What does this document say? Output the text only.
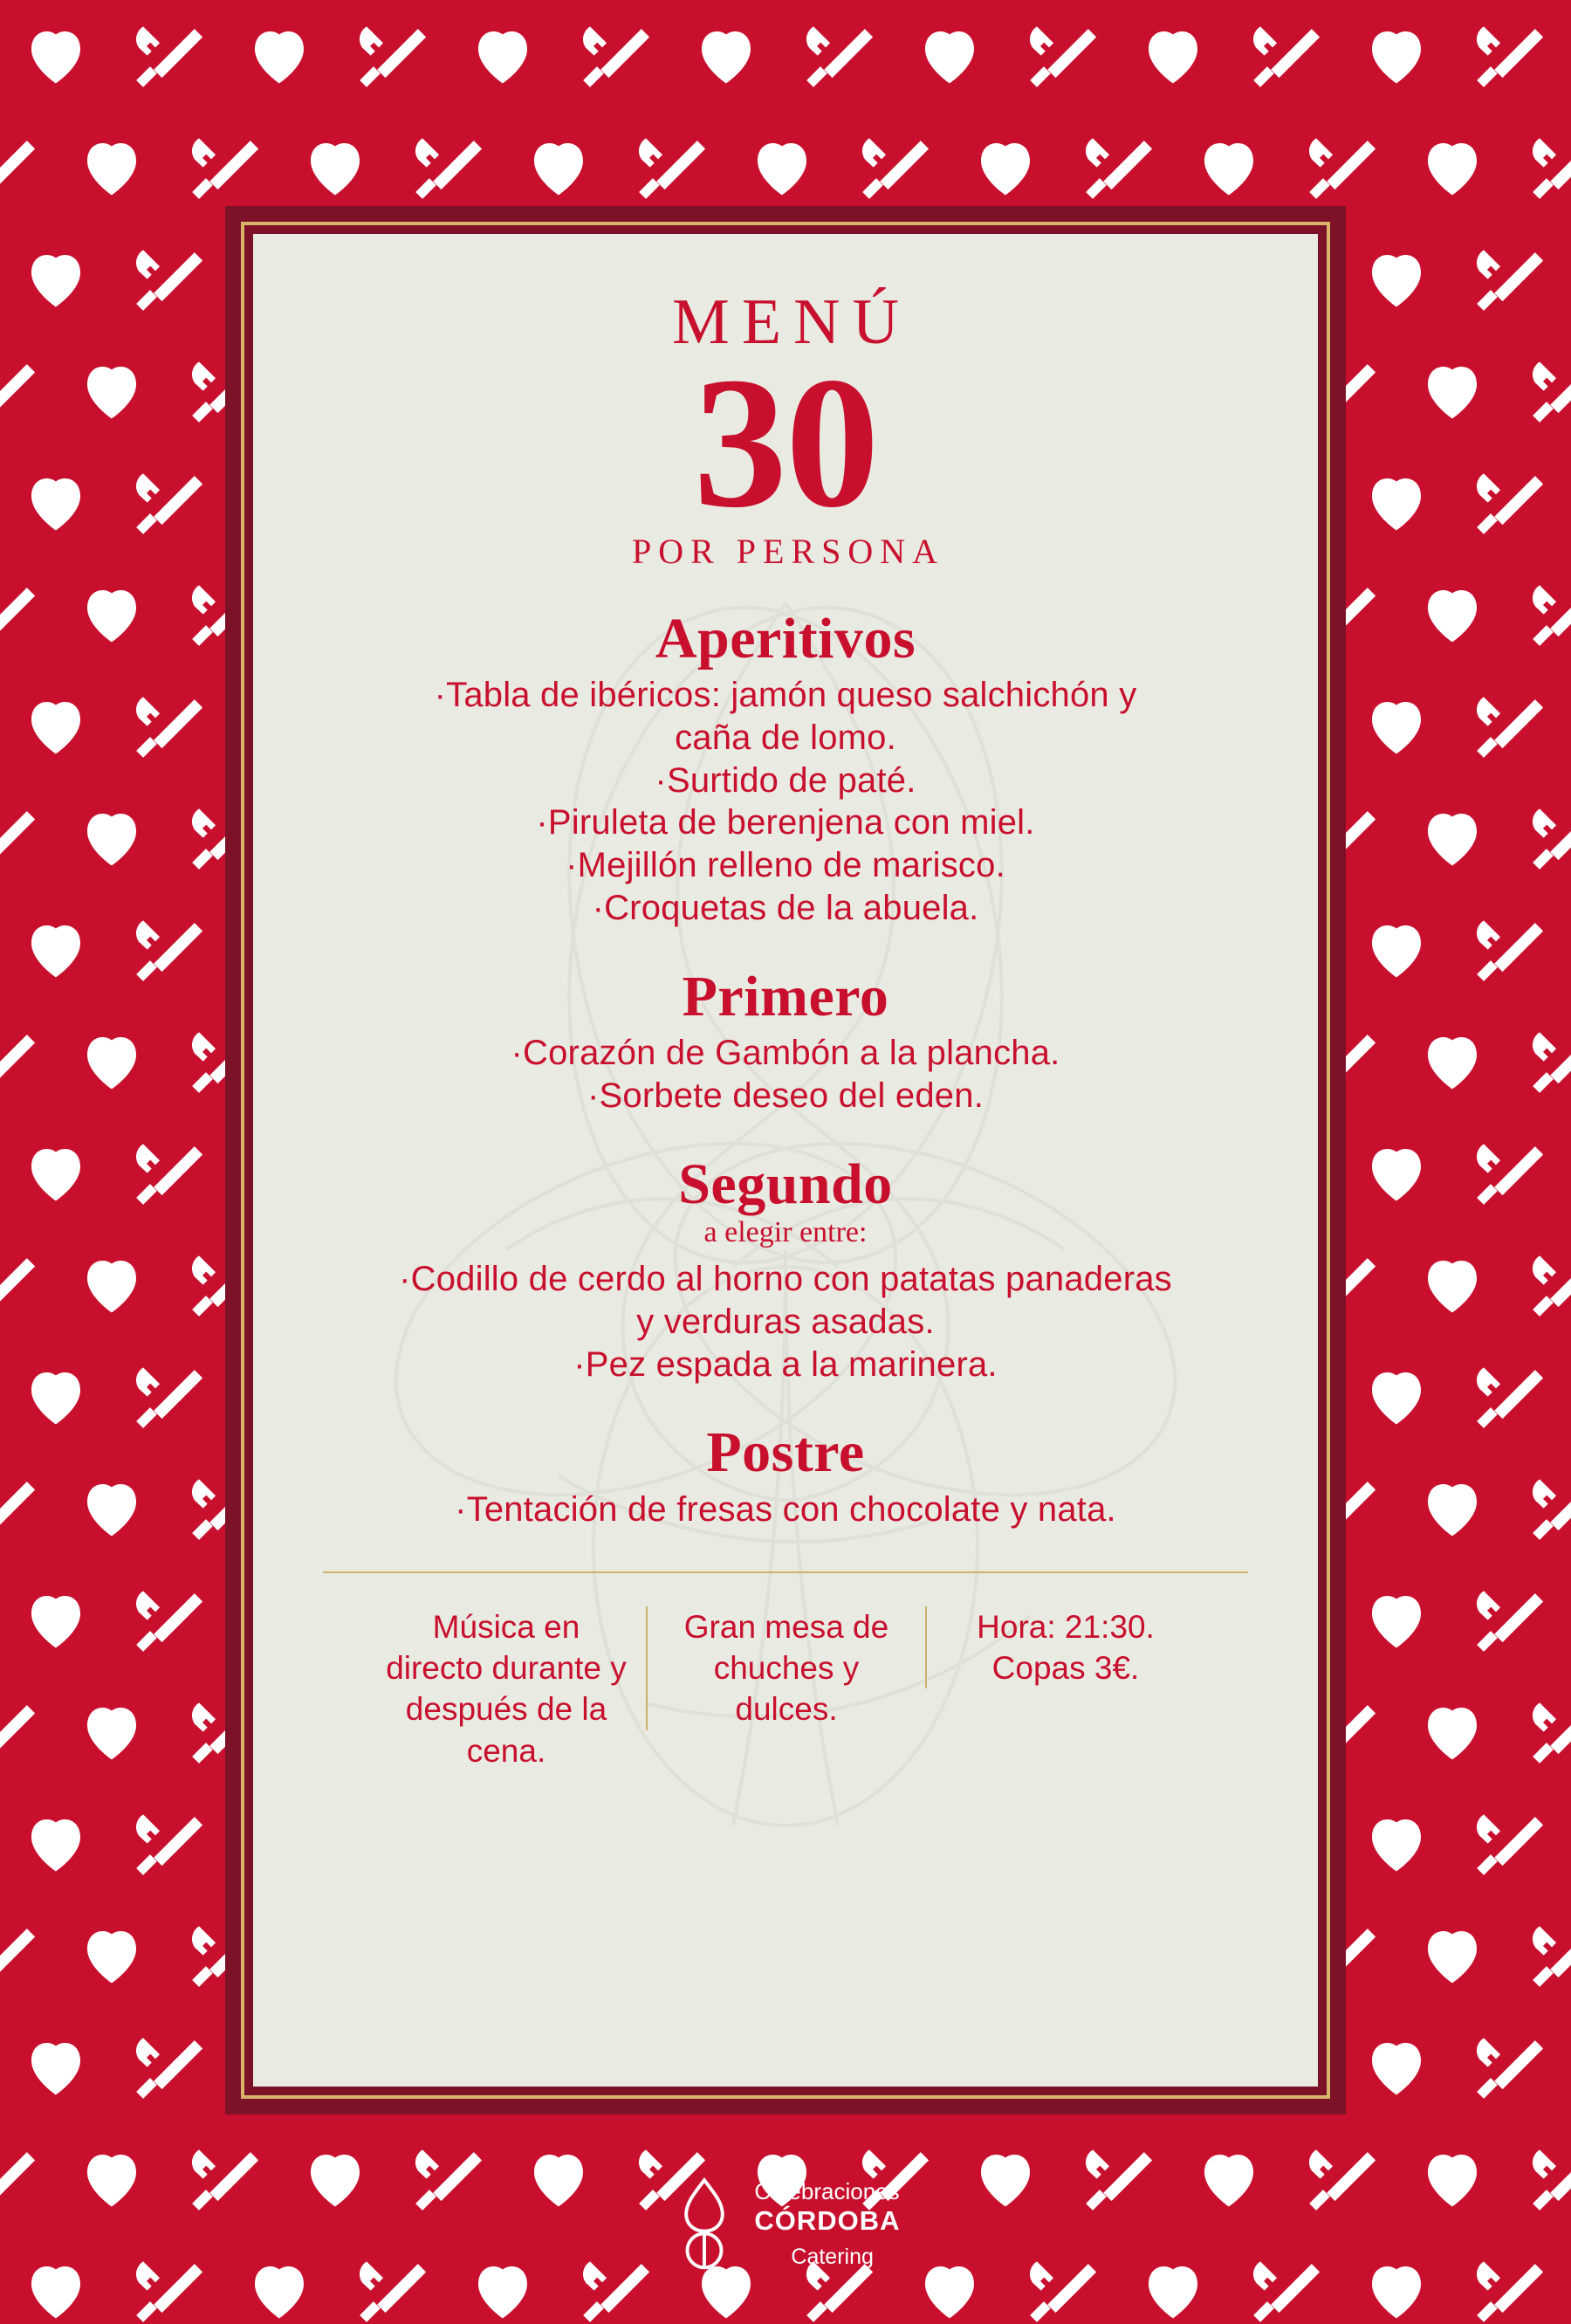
MENÚ
30
POR PERSONA
Aperitivos
·Tabla de ibéricos: jamón queso salchichón y caña de lomo.
·Surtido de paté.
·Piruleta de berenjena con miel.
·Mejillón relleno de marisco.
·Croquetas de la abuela.
Primero
·Corazón de Gambón a la plancha.
·Sorbete deseo del eden.
Segundo
a elegir entre:
·Codillo de cerdo al horno con patatas panaderas y verduras asadas.
·Pez espada a la marinera.
Postre
·Tentación de fresas con chocolate y nata.
Música en directo durante y después de la cena.
Gran mesa de chuches y dulces.
Hora: 21:30. Copas 3€.
Celebraciones
CÓRDOBA
Catering
